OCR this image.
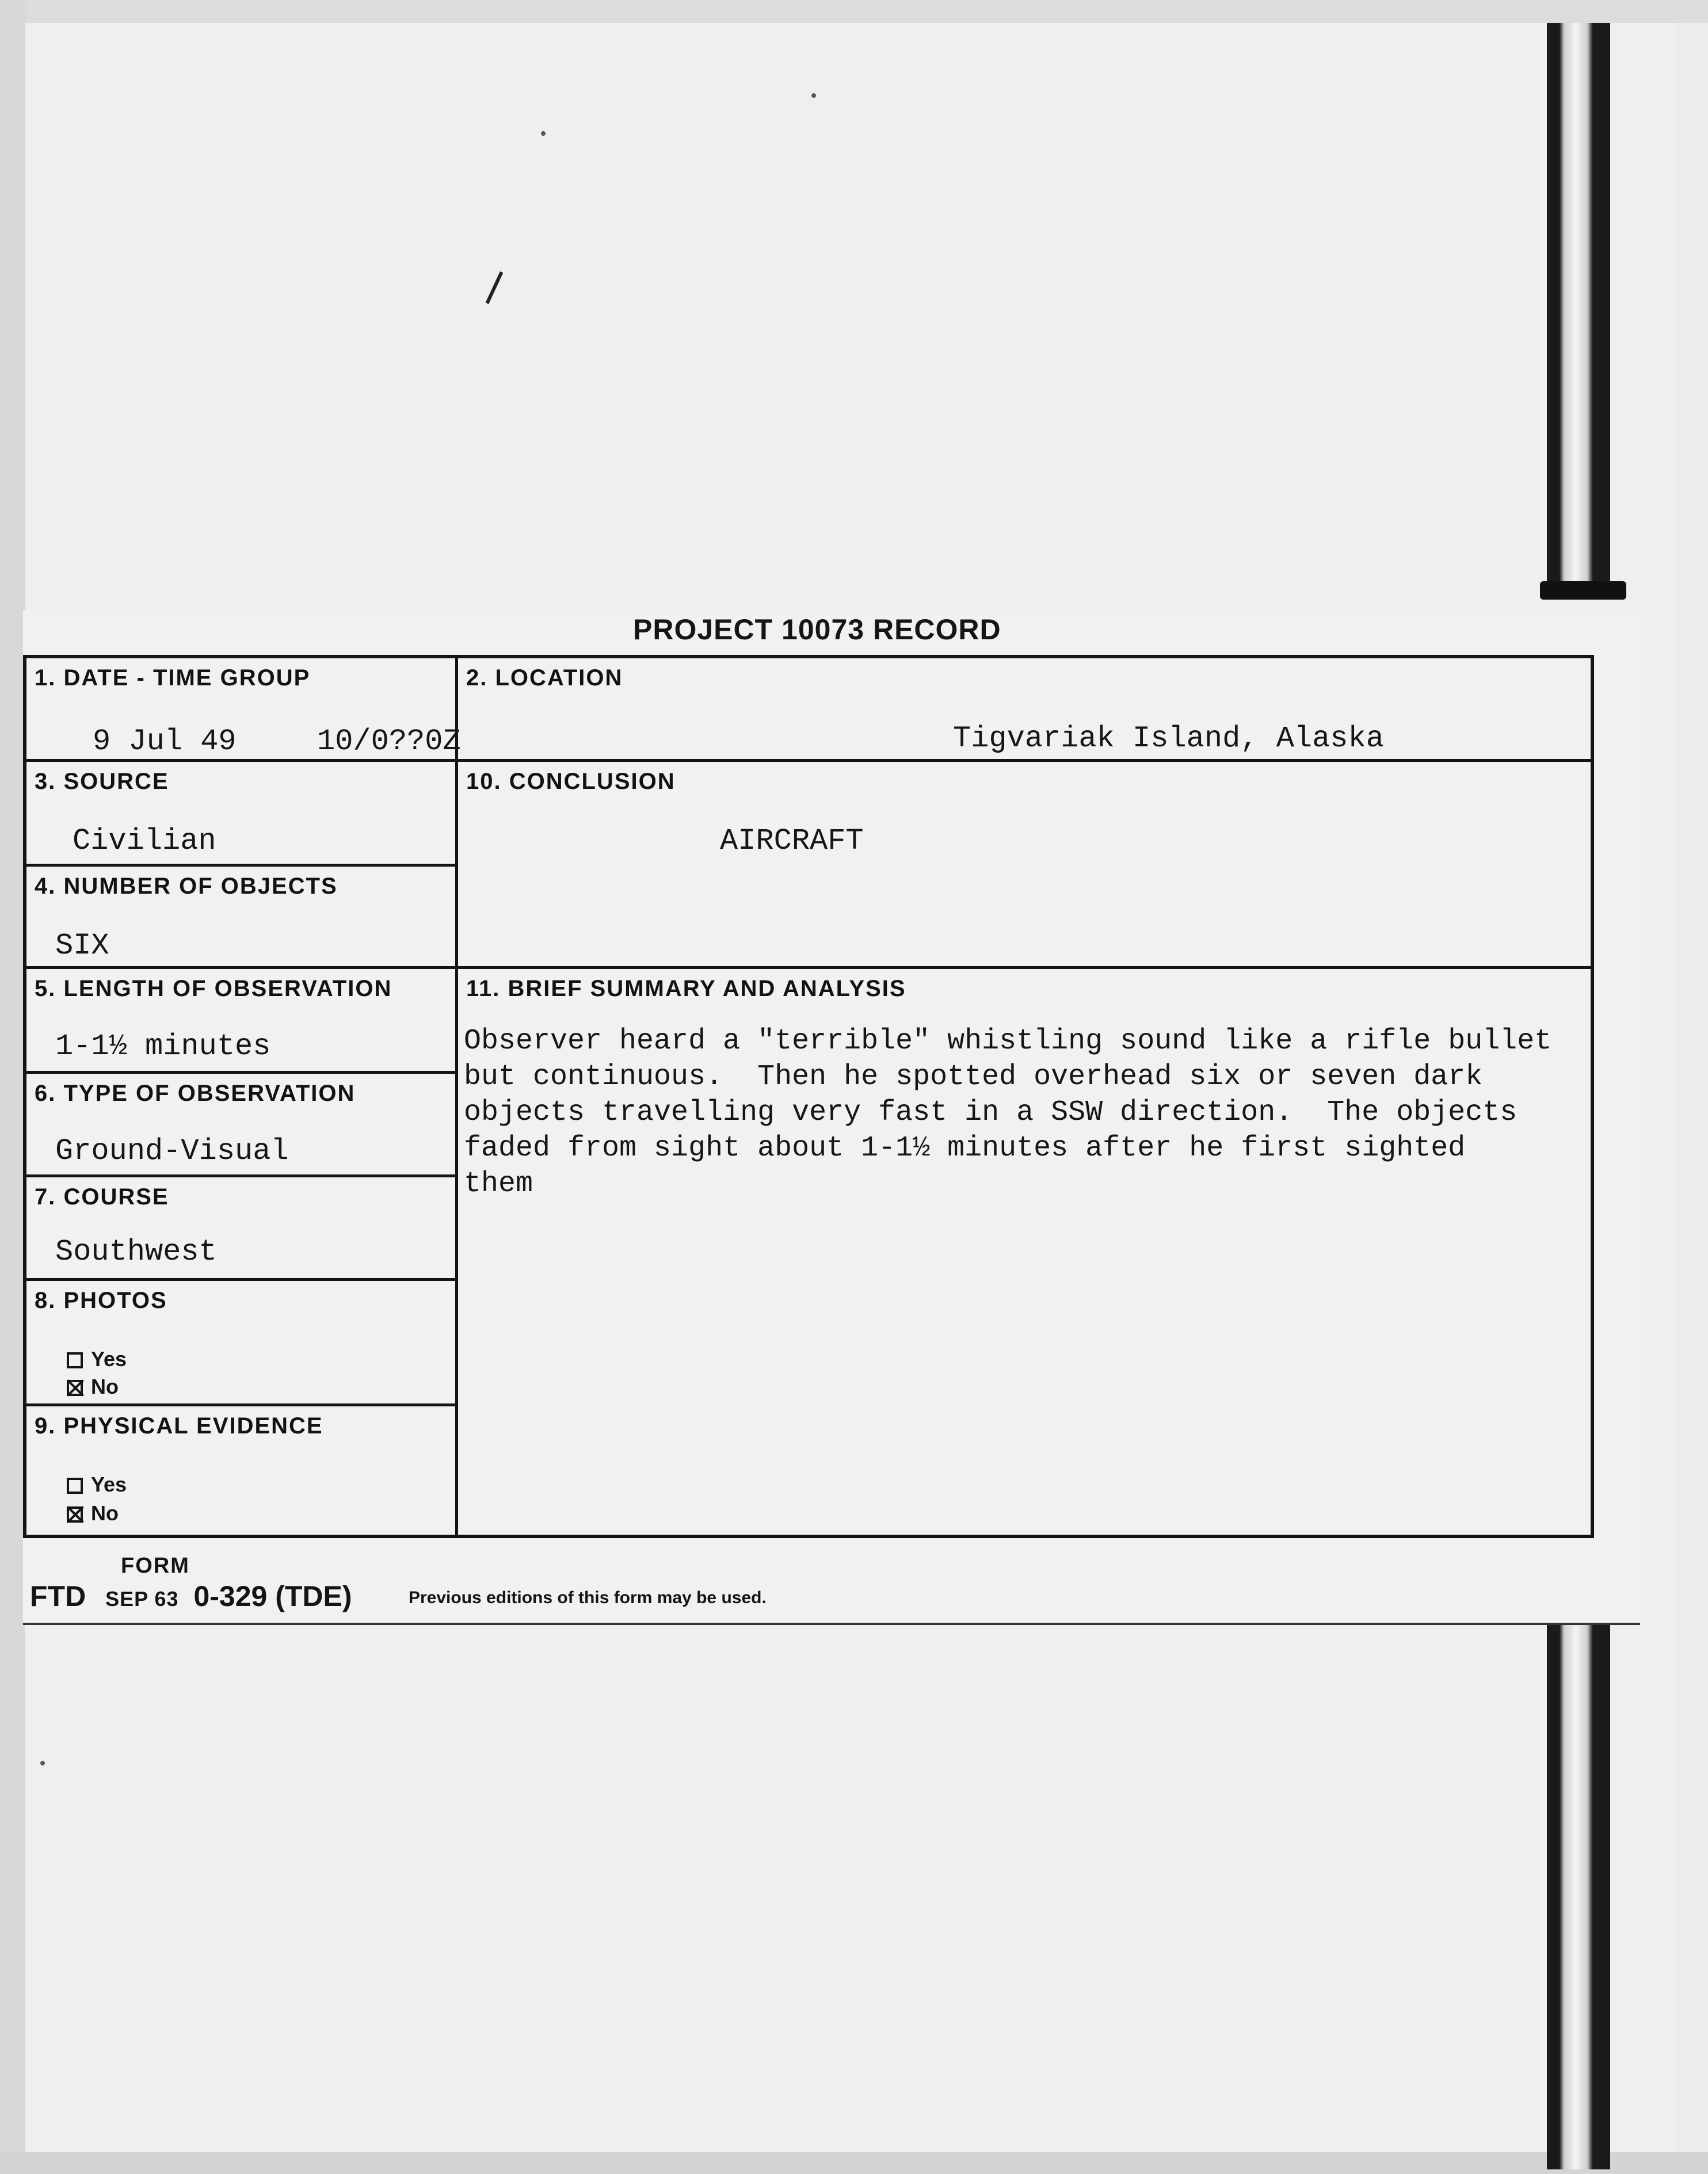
PROJECT 10073 RECORD
1. DATE - TIME GROUP
9 Jul 49	10/0??0Z
3. SOURCE
Civilian
4. NUMBER OF OBJECTS
SIX
5. LENGTH OF OBSERVATION
1-1½ minutes
6. TYPE OF OBSERVATION
Ground-Visual
7. COURSE
Southwest
8. PHOTOS
Yes
No
9. PHYSICAL EVIDENCE
Yes
No
2. LOCATION
Tigvariak Island, Alaska
10. CONCLUSION
AIRCRAFT
11. BRIEF SUMMARY AND ANALYSIS
Observer heard a "terrible" whistling sound like a rifle bullet
but continuous.  Then he spotted overhead six or seven dark
objects travelling very fast in a SSW direction.  The objects
faded from sight about 1-1½ minutes after he first sighted
them
FORM
FTD SEP 63 0-329 (TDE)	Previous editions of this form may be used.
